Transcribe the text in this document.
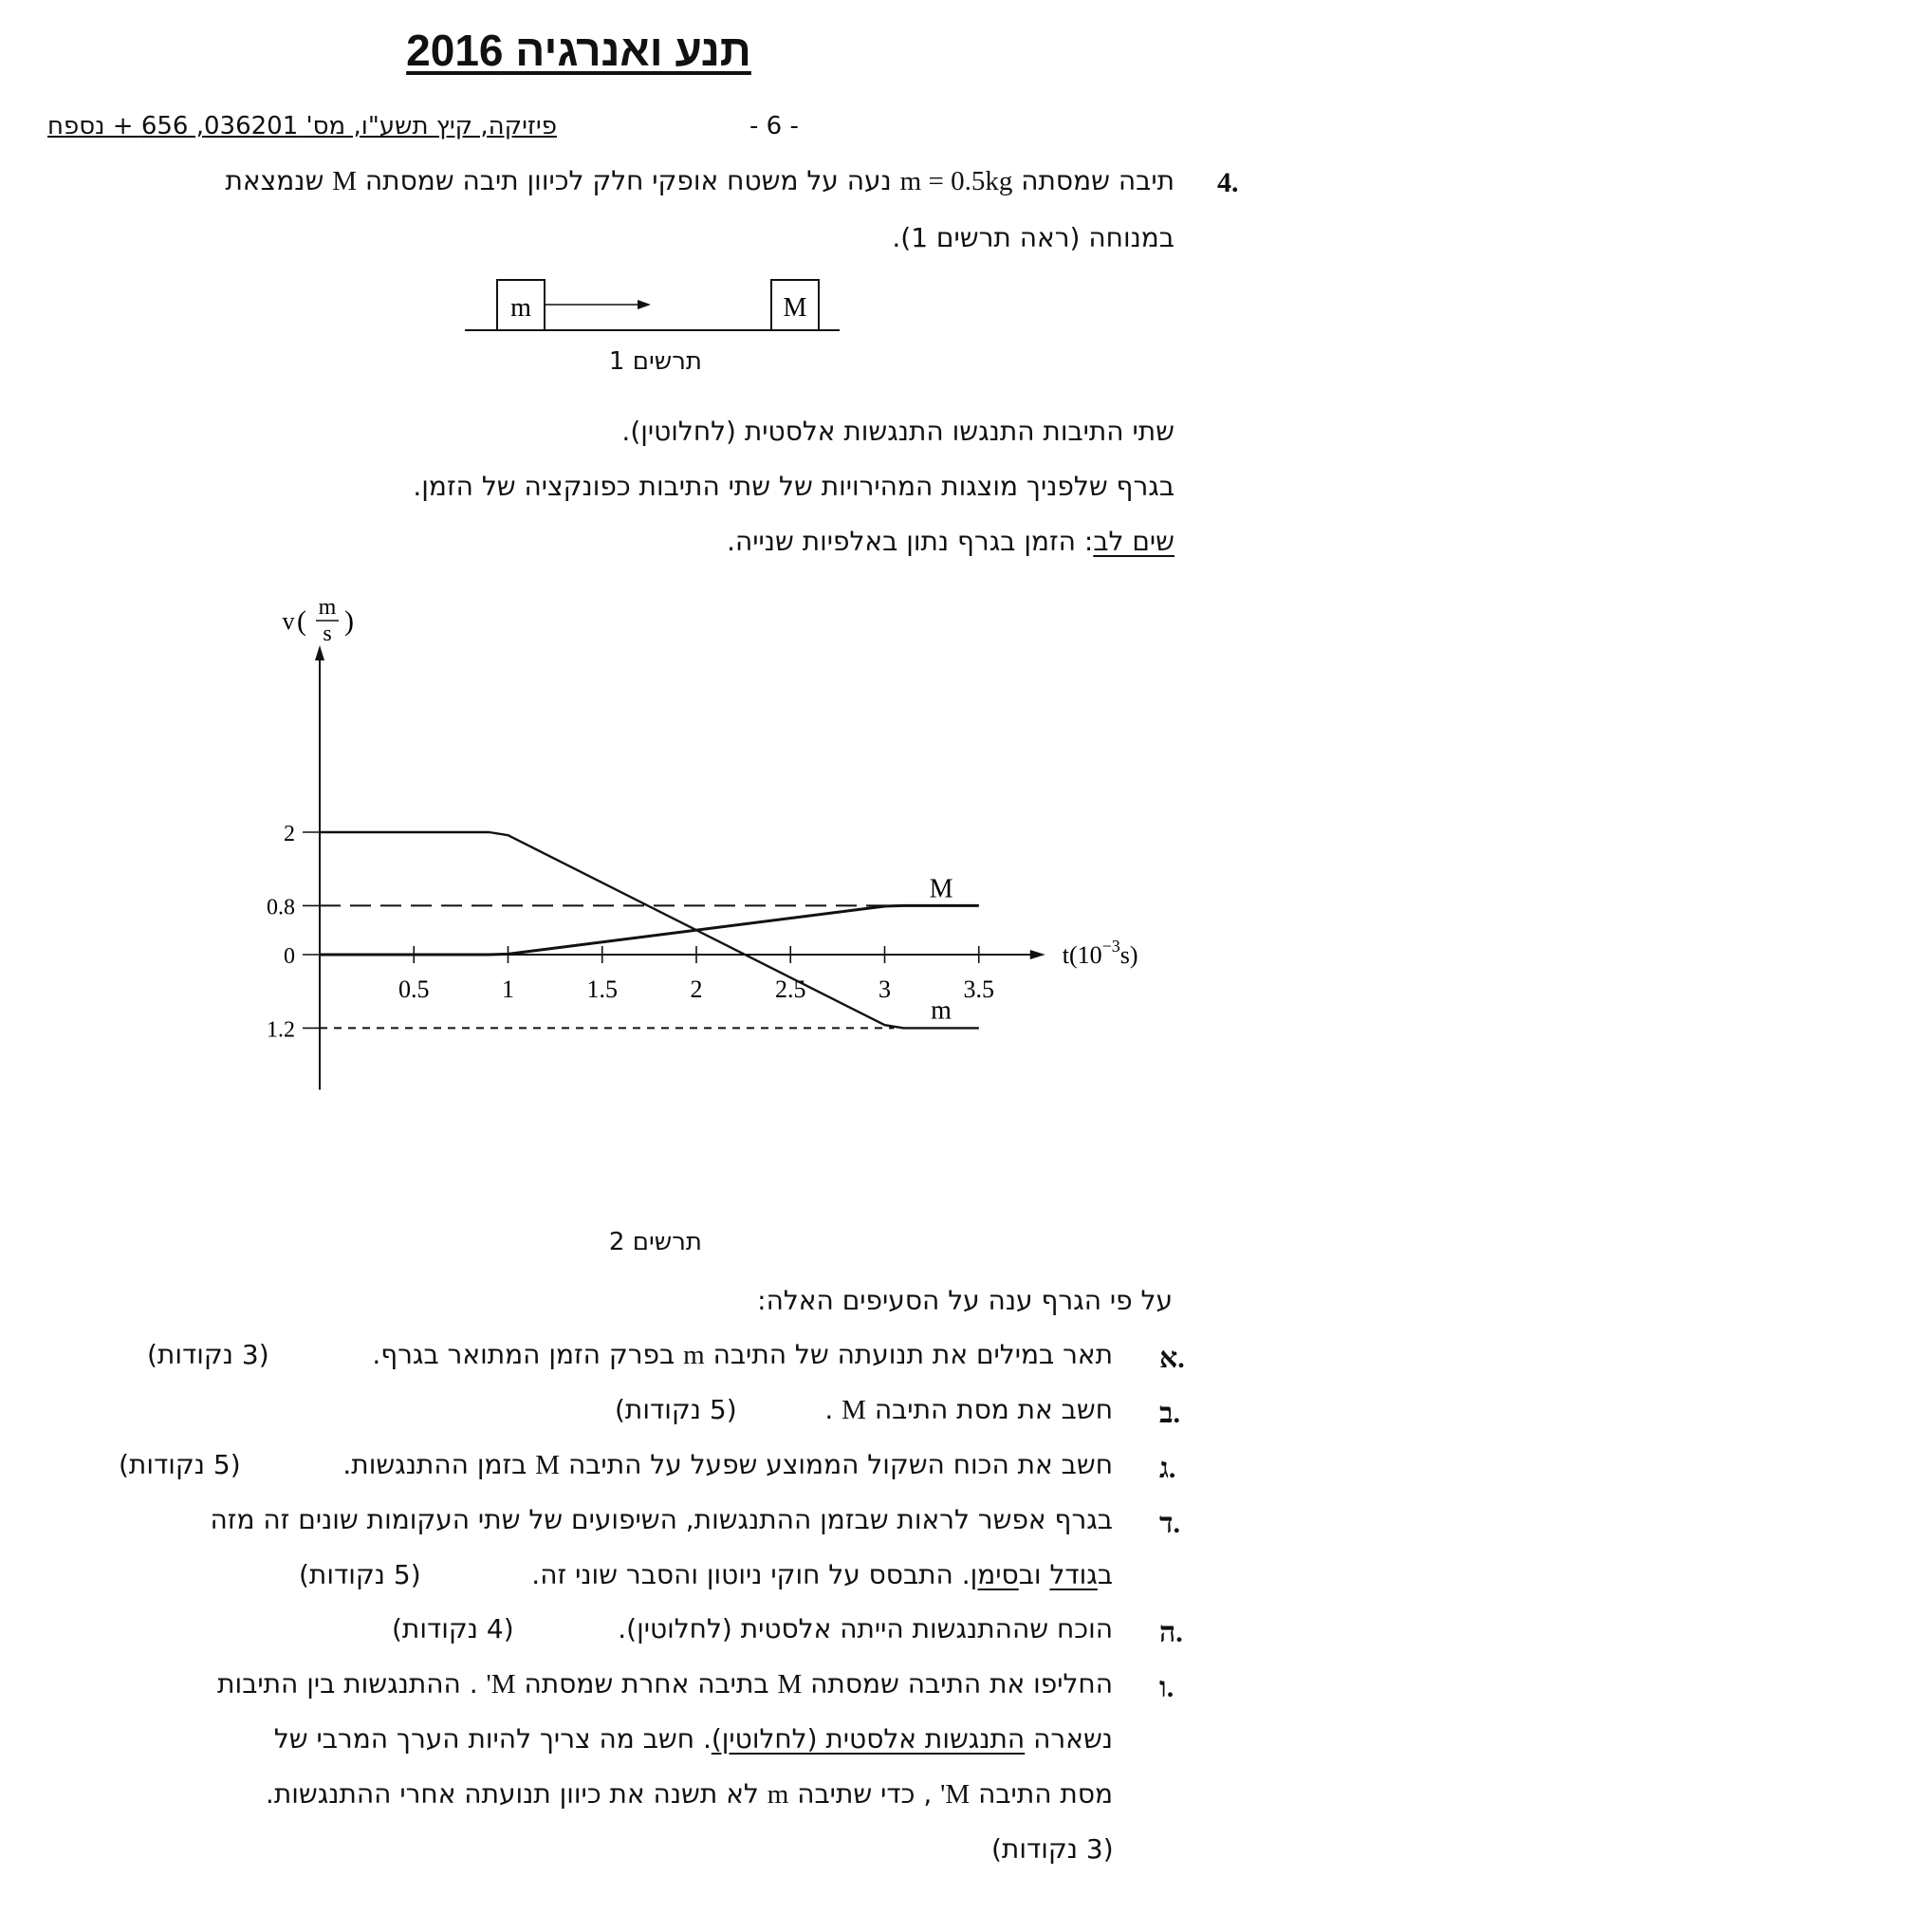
תנע ואנרגיה 2016
פיזיקה, קיץ תשע"ו, מס' 036201, 656 + נספח	- 6 -
4.
תיבה שמסתה m = 0.5kg נעה על משטח אופקי חלק לכיוון תיבה שמסתה M שנמצאת
במנוחה (ראה תרשים 1).
m	M
תרשים 1
שתי התיבות התנגשו התנגשות אלסטית (לחלוטין).
בגרף שלפניך מוצגות המהירויות של שתי התיבות כפונקציה של הזמן.
שים לב: הזמן בגרף נתון באלפיות שנייה.
v ( m
s )
$t(10^{-3}s)$
0.5	1	1.5	2	2.5	3	3.5
2
0.8
0
1.2
m
M
תרשים 2
על פי הגרף ענה על הסעיפים האלה:
א.
תאר במילים את תנועתה של התיבה m בפרק הזמן המתואר בגרף.
(3 נקודות)
ב.
חשב את מסת התיבה M .
(5 נקודות)
ג.
חשב את הכוח השקול הממוצע שפעל על התיבה M בזמן ההתנגשות.
(5 נקודות)
ד.
בגרף אפשר לראות שבזמן ההתנגשות, השיפועים של שתי העקומות שונים זה מזה
בגודל ובסימן. התבסס על חוקי ניוטון והסבר שוני זה.
(5 נקודות)
ה.
הוכח שההתנגשות הייתה אלסטית (לחלוטין).
(4 נקודות)
ו.
החליפו את התיבה שמסתה M בתיבה אחרת שמסתה M' . ההתנגשות בין התיבות
נשארה התנגשות אלסטית (לחלוטין). חשב מה צריך להיות הערך המרבי של
מסת התיבה M' , כדי שתיבה m לא תשנה את כיוון תנועתה אחרי ההתנגשות.
(3 נקודות)
